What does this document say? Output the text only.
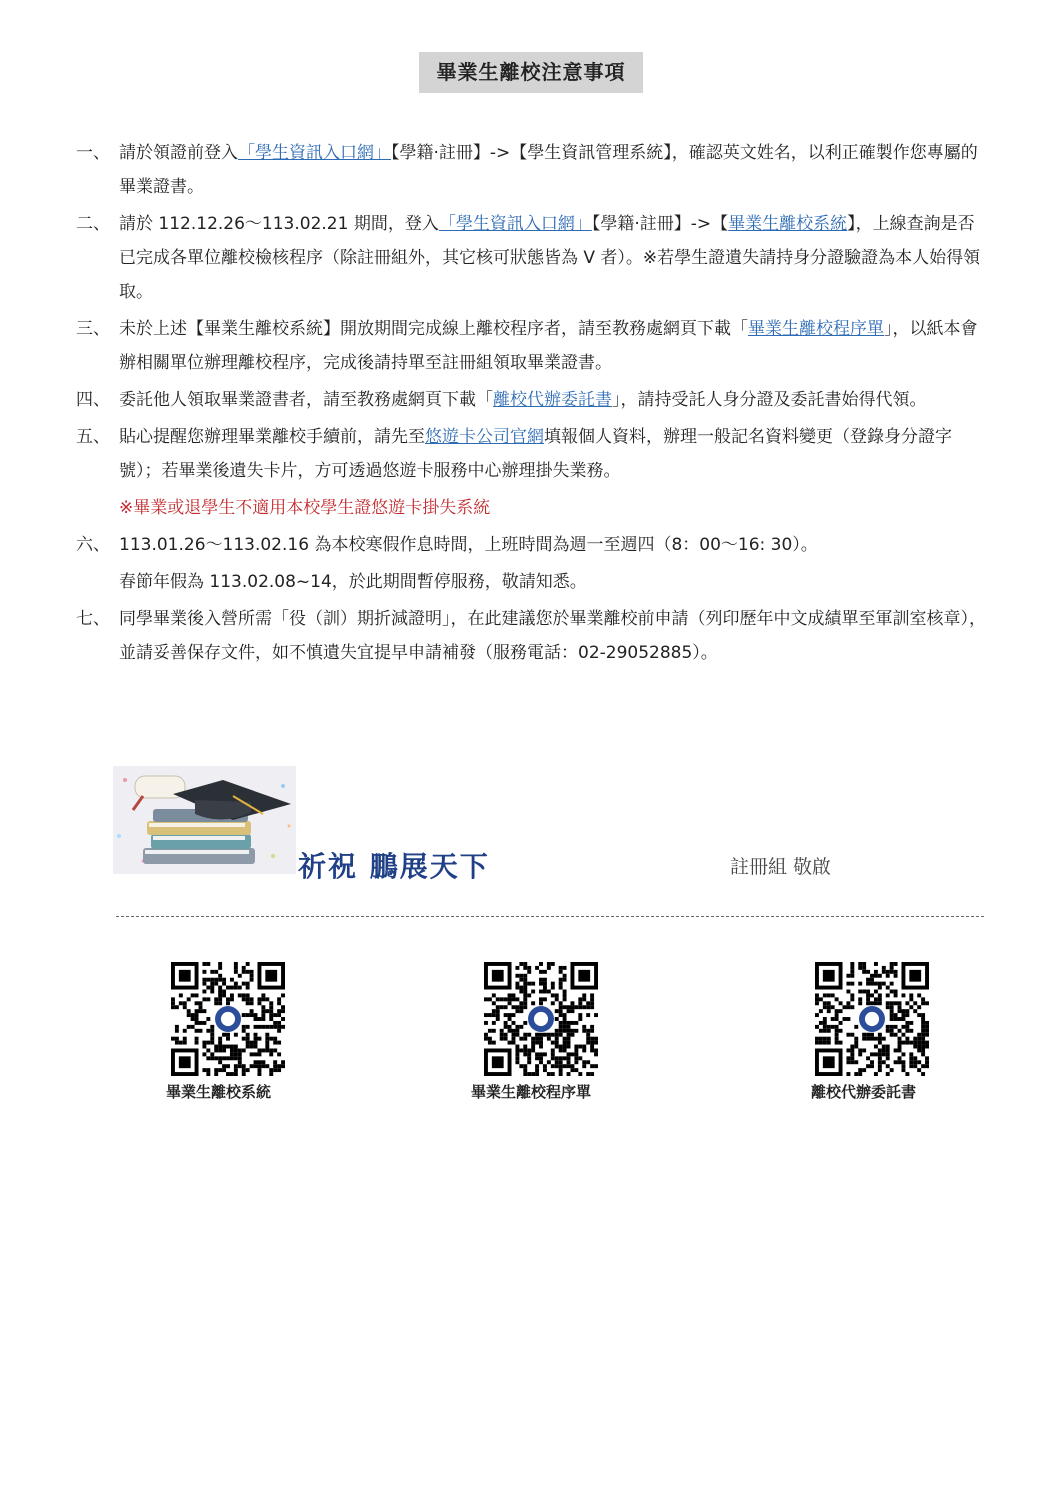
畢業生離校注意事項
一、 請於領證前登入「學生資訊入口網」【學籍‧註冊】->【學生資訊管理系統】，確認英文姓名，以利正確製作您專屬的畢業證書。
二、 請於 112.12.26～113.02.21 期間，登入「學生資訊入口網」【學籍‧註冊】->【畢業生離校系統】，上線查詢是否已完成各單位離校檢核程序（除註冊組外，其它核可狀態皆為 V 者）。※若學生證遺失請持身分證驗證為本人始得領取。
三、 未於上述【畢業生離校系統】開放期間完成線上離校程序者，請至教務處網頁下載「畢業生離校程序單」，以紙本會辦相關單位辦理離校程序，完成後請持單至註冊組領取畢業證書。
四、 委託他人領取畢業證書者，請至教務處網頁下載「離校代辦委託書」，請持受託人身分證及委託書始得代領。
五、 貼心提醒您辦理畢業離校手續前，請先至悠遊卡公司官網填報個人資料，辦理一般記名資料變更（登錄身分證字號）；若畢業後遺失卡片，方可透過悠遊卡服務中心辦理掛失業務。
※畢業或退學生不適用本校學生證悠遊卡掛失系統
六、 113.01.26～113.02.16 為本校寒假作息時間，上班時間為週一至週四（8：00～16: 30）。
春節年假為 113.02.08~14，於此期間暫停服務，敬請知悉。
七、 同學畢業後入營所需「役（訓）期折減證明」，在此建議您於畢業離校前申請（列印歷年中文成績單至軍訓室核章），並請妥善保存文件，如不慎遺失宜提早申請補發（服務電話：02-29052885）。
祈祝 鵬展天下	註冊組 敬啟
畢業生離校系統	畢業生離校程序單	離校代辦委託書
